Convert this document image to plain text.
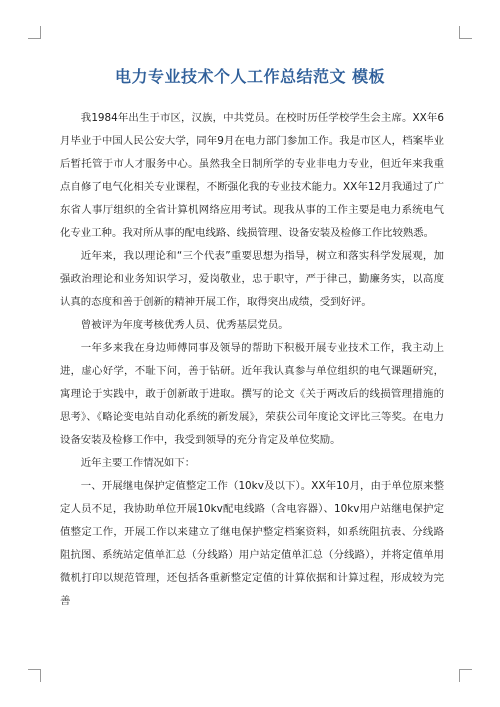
电力专业技术个人工作总结范文 模板

我1984年出生于市区，汉族，中共党员。在校时历任学校学生会主席。XX年6月毕业于中国人民公安大学，同年9月在电力部门参加工作。我是市区人，档案毕业后暂托管于市人才服务中心。虽然我全日制所学的专业非电力专业，但近年来我重点自修了电气化相关专业课程，不断强化我的专业技术能力。XX年12月我通过了广东省人事厅组织的全省计算机网络应用考试。现我从事的工作主要是电力系统电气化专业工种。我对所从事的配电线路、线损管理、设备安装及检修工作比较熟悉。

近年来，我以理论和“三个代表”重要思想为指导，树立和落实科学发展观，加强政治理论和业务知识学习，爱岗敬业，忠于职守，严于律己，勤廉务实，以高度认真的态度和善于创新的精神开展工作，取得突出成绩，受到好评。

曾被评为年度考核优秀人员、优秀基层党员。

一年多来我在身边师傅同事及领导的帮助下积极开展专业技术工作，我主动上进，虚心好学，不耻下问，善于钻研。近年我认真参与单位组织的电气课题研究，寓理论于实践中，敢于创新敢于进取。撰写的论文《关于两改后的线损管理措施的思考》、《略论变电站自动化系统的新发展》，荣获公司年度论文评比三等奖。在电力设备安装及检修工作中，我受到领导的充分肯定及单位奖励。

近年主要工作情况如下：

一、开展继电保护定值整定工作（10kv及以下）。XX年10月，由于单位原来整定人员不足，我协助单位开展10kv配电线路（含电容器）、10kv用户站继电保护定值整定工作，开展工作以来建立了继电保护整定档案资料，如系统阻抗表、分线路阻抗图、系统站定值单汇总（分线路）用户站定值单汇总（分线路），并将定值单用微机打印以规范管理，还包括各重新整定定值的计算依据和计算过程，形成较为完善
